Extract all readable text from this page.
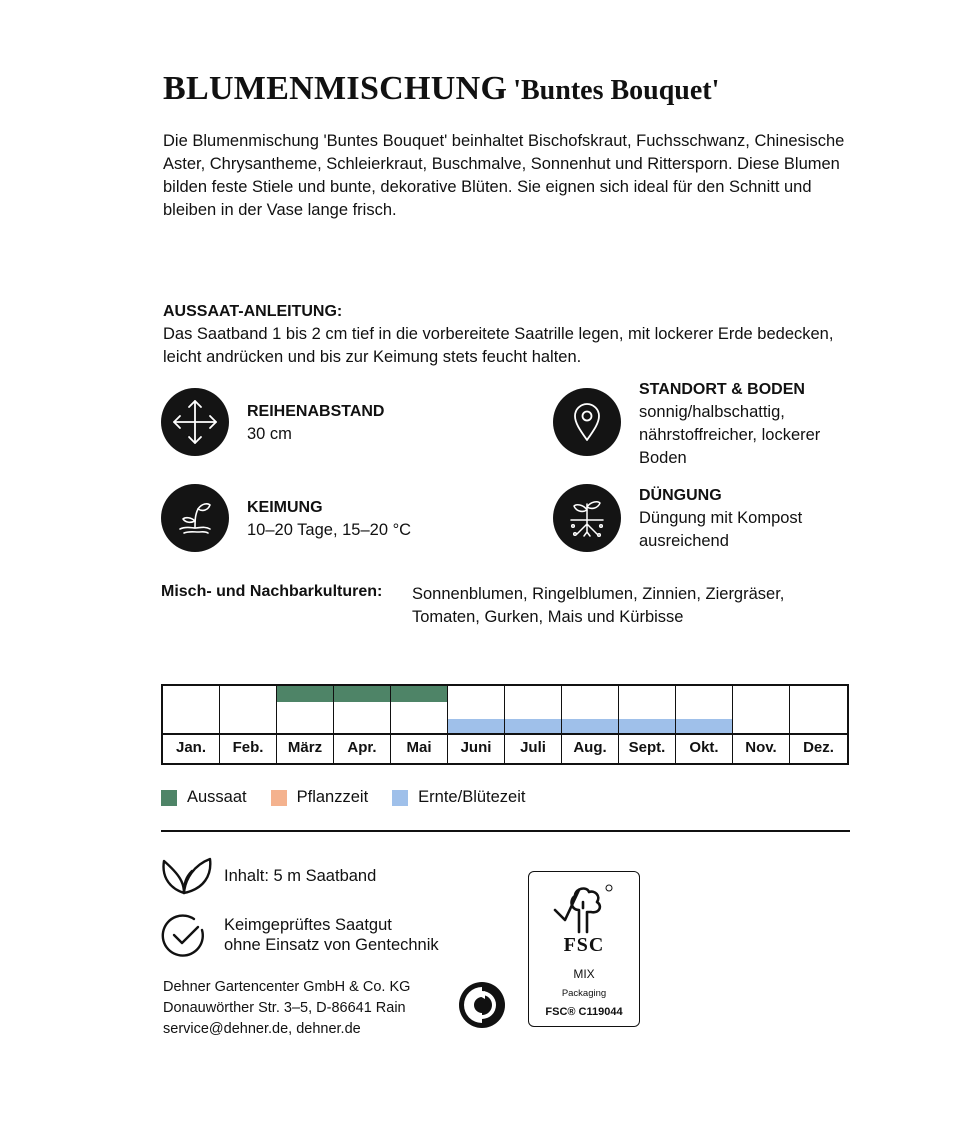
BLUMENMISCHUNG 'Buntes Bouquet'
Die Blumenmischung 'Buntes Bouquet' beinhaltet Bischofskraut, Fuchsschwanz, Chinesische Aster, Chrysantheme, Schleierkraut, Buschmalve, Sonnenhut und Rittersporn. Diese Blumen bilden feste Stiele und bunte, dekorative Blüten. Sie eignen sich ideal für den Schnitt und bleiben in der Vase lange frisch.
AUSSAAT-ANLEITUNG:
Das Saatband 1 bis 2 cm tief in die vorbereitete Saatrille legen, mit lockerer Erde bedecken, leicht andrücken und bis zur Keimung stets feucht halten.
REIHENABSTAND
30 cm
KEIMUNG
10–20 Tage, 15–20 °C
STANDORT & BODEN
sonnig/halbschattig, nährstoffreicher, lockerer Boden
DÜNGUNG
Düngung mit Kompost ausreichend
Misch- und Nachbarkulturen: Sonnenblumen, Ringelblumen, Zinnien, Ziergräser, Tomaten, Gurken, Mais und Kürbisse
Jan.	Feb.	März	Apr.	Mai	Juni	Juli	Aug.	Sept.	Okt.	Nov.	Dez.
Aussaat	Pflanzzeit	Ernte/Blütezeit
Inhalt: 5 m Saatband
Keimgeprüftes Saatgut
ohne Einsatz von Gentechnik
Dehner Gartencenter GmbH & Co. KG
Donauwörther Str. 3–5, D-86641 Rain
service@dehner.de, dehner.de
FSC
MIX
Packaging
FSC® C119044
